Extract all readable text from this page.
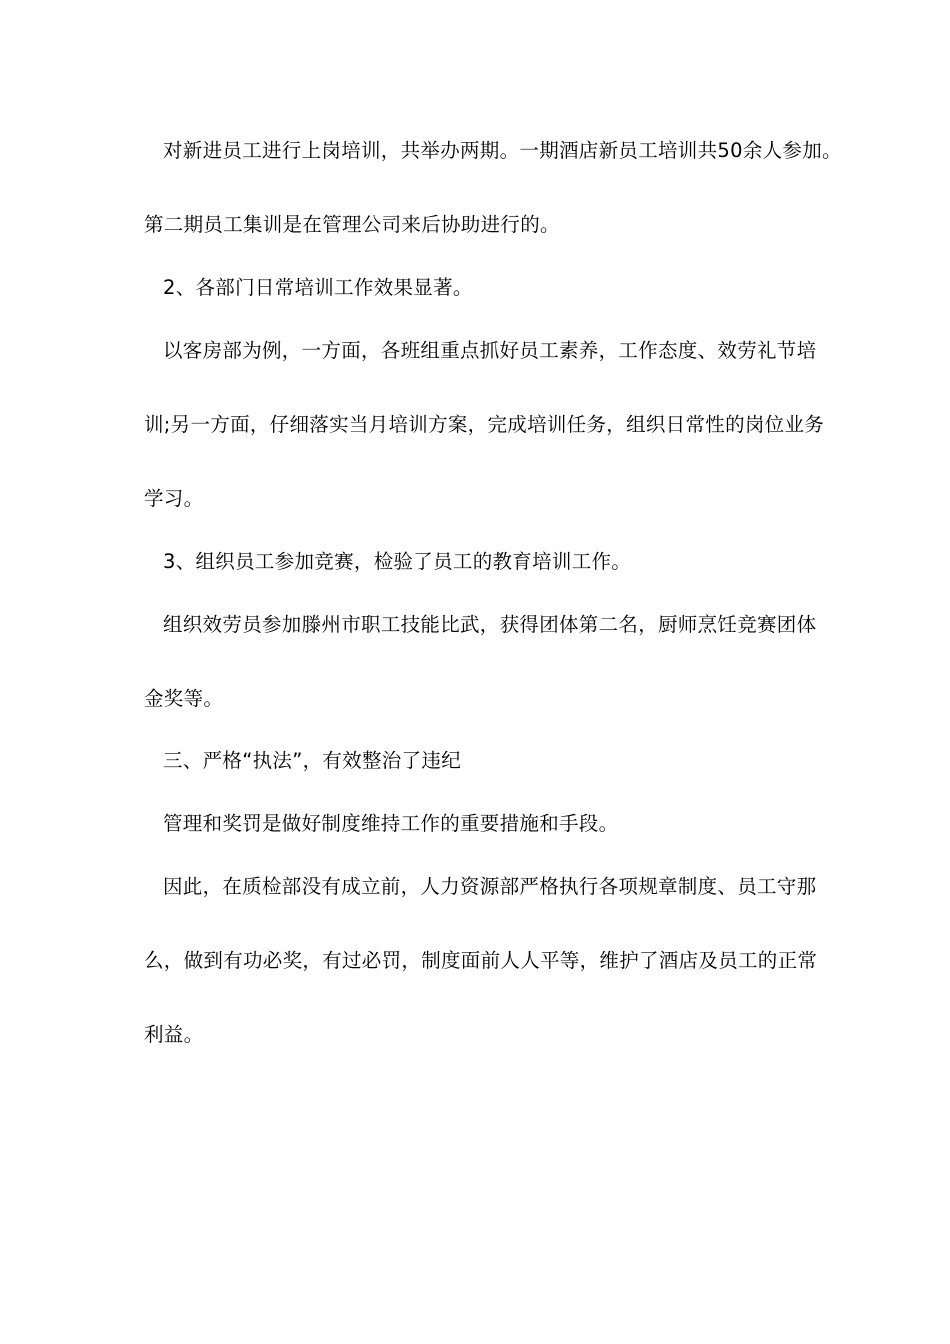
对新进员工进行上岗培训，共举办两期。一期酒店新员工培训共50余人参加。
第二期员工集训是在管理公司来后协助进行的。
2、各部门日常培训工作效果显著。
以客房部为例，一方面，各班组重点抓好员工素养，工作态度、效劳礼节培
训;另一方面，仔细落实当月培训方案，完成培训任务，组织日常性的岗位业务
学习。
3、组织员工参加竞赛，检验了员工的教育培训工作。
组织效劳员参加滕州市职工技能比武，获得团体第二名，厨师烹饪竞赛团体
金奖等。
三、严格“执法”，有效整治了违纪
管理和奖罚是做好制度维持工作的重要措施和手段。
因此，在质检部没有成立前，人力资源部严格执行各项规章制度、员工守那
么，做到有功必奖，有过必罚，制度面前人人平等，维护了酒店及员工的正常
利益。
